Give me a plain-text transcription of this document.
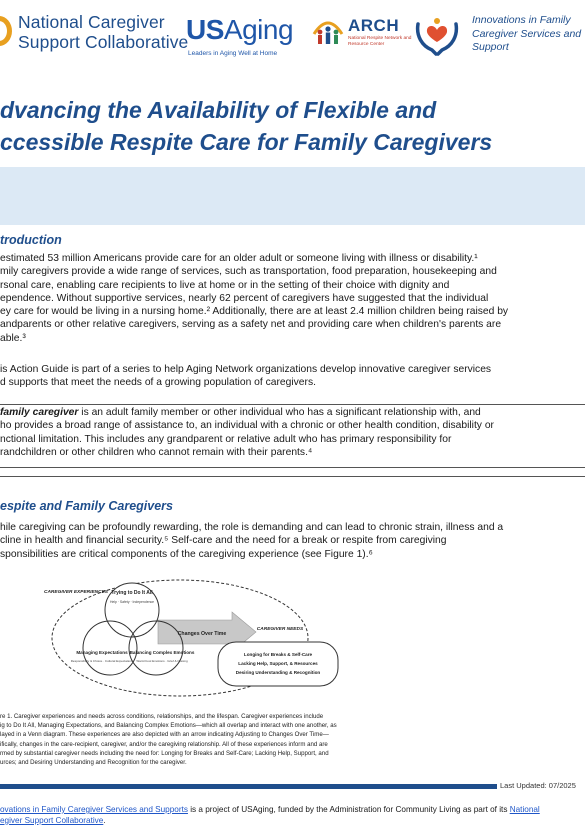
National Caregiver
Support Collaborative
USAging
Leaders in Aging Well at Home
ARCH
National Respite Network and Resource Center
Innovations in Family Caregiver Services and Support
dvancing the Availability of Flexible and
ccessible Respite Care for Family Caregivers
troduction
estimated 53 million Americans provide care for an older adult or someone living with illness or disability.¹
mily caregivers provide a wide range of services, such as transportation, food preparation, housekeeping and
rsonal care, enabling care recipients to live at home or in the setting of their choice with dignity and
ependence. Without supportive services, nearly 62 percent of caregivers have suggested that the individual
ey care for would be living in a nursing home.² Additionally, there are at least 2.4 million children being raised by
andparents or other relative caregivers, serving as a safety net and providing care when children's parents are
able.³
is Action Guide is part of a series to help Aging Network organizations develop innovative caregiver services
d supports that meet the needs of a growing population of caregivers.
family caregiver is an adult family member or other individual who has a significant relationship with, and
ho provides a broad range of assistance to, an individual with a chronic or other health condition, disability or
nctional limitation. This includes any grandparent or relative adult who has primary responsibility for
randchildren or other children who cannot remain with their parents.⁴
espite and Family Caregivers
hile caregiving can be profoundly rewarding, the role is demanding and can lead to chronic strain, illness and a
cline in health and financial security.⁵ Self-care and the need for a break or respite from caregiving
sponsibilities are critical components of the caregiving experience (see Figure 1).⁶
CAREGIVER EXPERIENCES Trying to Do It All
Help · Safety · Independence
Managing Expectations
Responsibility & Choice · Cultural Expectations
Balancing Complex Emotions
Warm/Cool Emotions · Grief & Missing
Changes Over Time
CAREGIVER NEEDS
Longing for Breaks & Self-Care
Lacking Help, Support, & Resources
Desiring Understanding & Recognition
re 1. Caregiver experiences and needs across conditions, relationships, and the lifespan. Caregiver experiences include
ig to Do It All, Managing Expectations, and Balancing Complex Emotions—which all overlap and interact with one another, as
layed in a Venn diagram. These experiences are also depicted with an arrow indicating Adjusting to Changes Over Time—
ifically, changes in the care-recipient, caregiver, and/or the caregiving relationship. All of these experiences inform and are
rmed by substantial caregiver needs including the need for: Longing for Breaks and Self-Care; Lacking Help, Support, and
urces; and Desiring Understanding and Recognition for the caregiver.
Last Updated: 07/2025
ovations in Family Caregiver Services and Supports is a project of USAging, funded by the Administration for Community Living as part of its National
egiver Support Collaborative.
